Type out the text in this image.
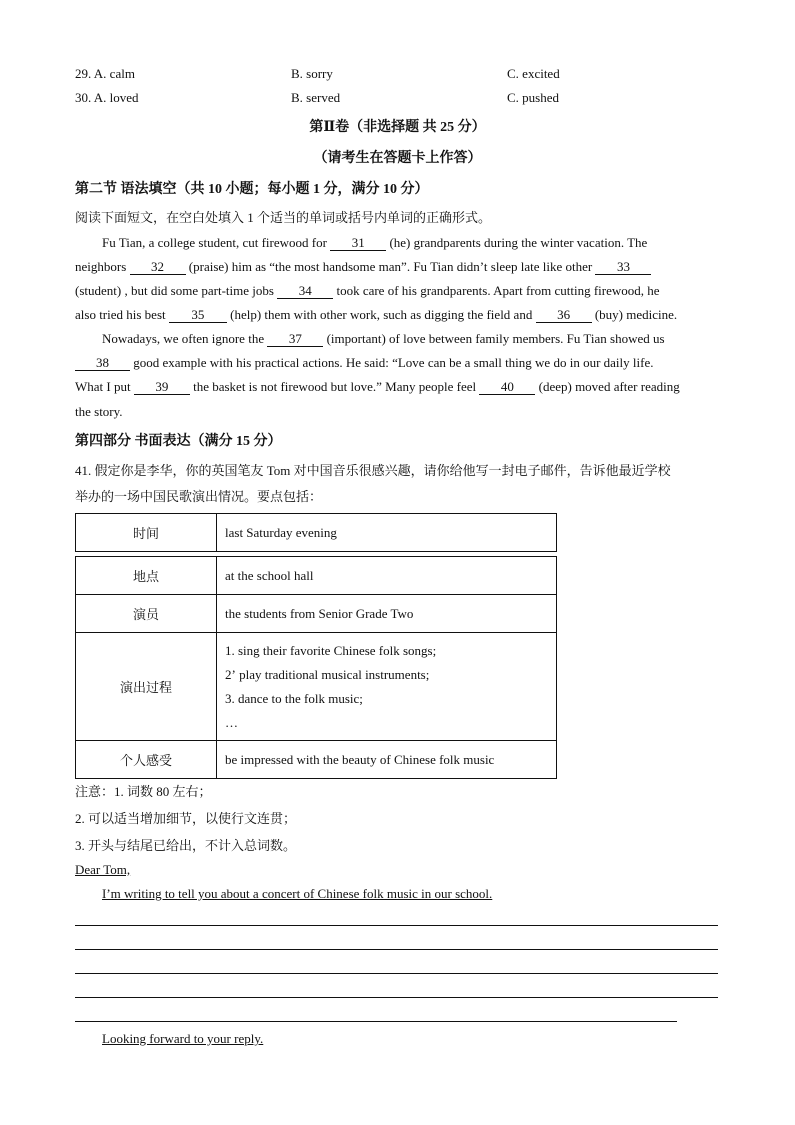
29. A. calm	B. sorry	C. excited
30. A. loved	B. served	C. pushed
第Ⅱ卷（非选择题 共 25 分）
（请考生在答题卡上作答）
第二节 语法填空（共 10 小题；每小题 1 分，满分 10 分）
阅读下面短文，在空白处填入 1 个适当的单词或括号内单词的正确形式。
Fu Tian, a college student, cut firewood for 31 (he) grandparents during the winter vacation. The
neighbors 32 (praise) him as “the most handsome man”. Fu Tian didn’t sleep late like other 33
(student) , but did some part-time jobs 34 took care of his grandparents. Apart from cutting firewood, he
also tried his best 35 (help) them with other work, such as digging the field and 36 (buy) medicine.
Nowadays, we often ignore the 37 (important) of love between family members. Fu Tian showed us
38 good example with his practical actions. He said: “Love can be a small thing we do in our daily life.
What I put 39 the basket is not firewood but love.” Many people feel 40 (deep) moved after reading
the story.
第四部分 书面表达（满分 15 分）
41. 假定你是李华，你的英国笔友 Tom 对中国音乐很感兴趣，请你给他写一封电子邮件，告诉他最近学校
举办的一场中国民歌演出情况。要点包括：
时间	last Saturday evening

地点	at the school hall
演员	the students from Senior Grade Two
演出过程	1. sing their favorite Chinese folk songs;
2ʼ play traditional musical instruments;
3. dance to the folk music;
…

个人感受	be impressed with the beauty of Chinese folk music
注意：1. 词数 80 左右；
2. 可以适当增加细节，以使行文连贯；
3. 开头与结尾已给出，不计入总词数。
Dear Tom,
I’m writing to tell you about a concert of Chinese folk music in our school.
Looking forward to your reply.
